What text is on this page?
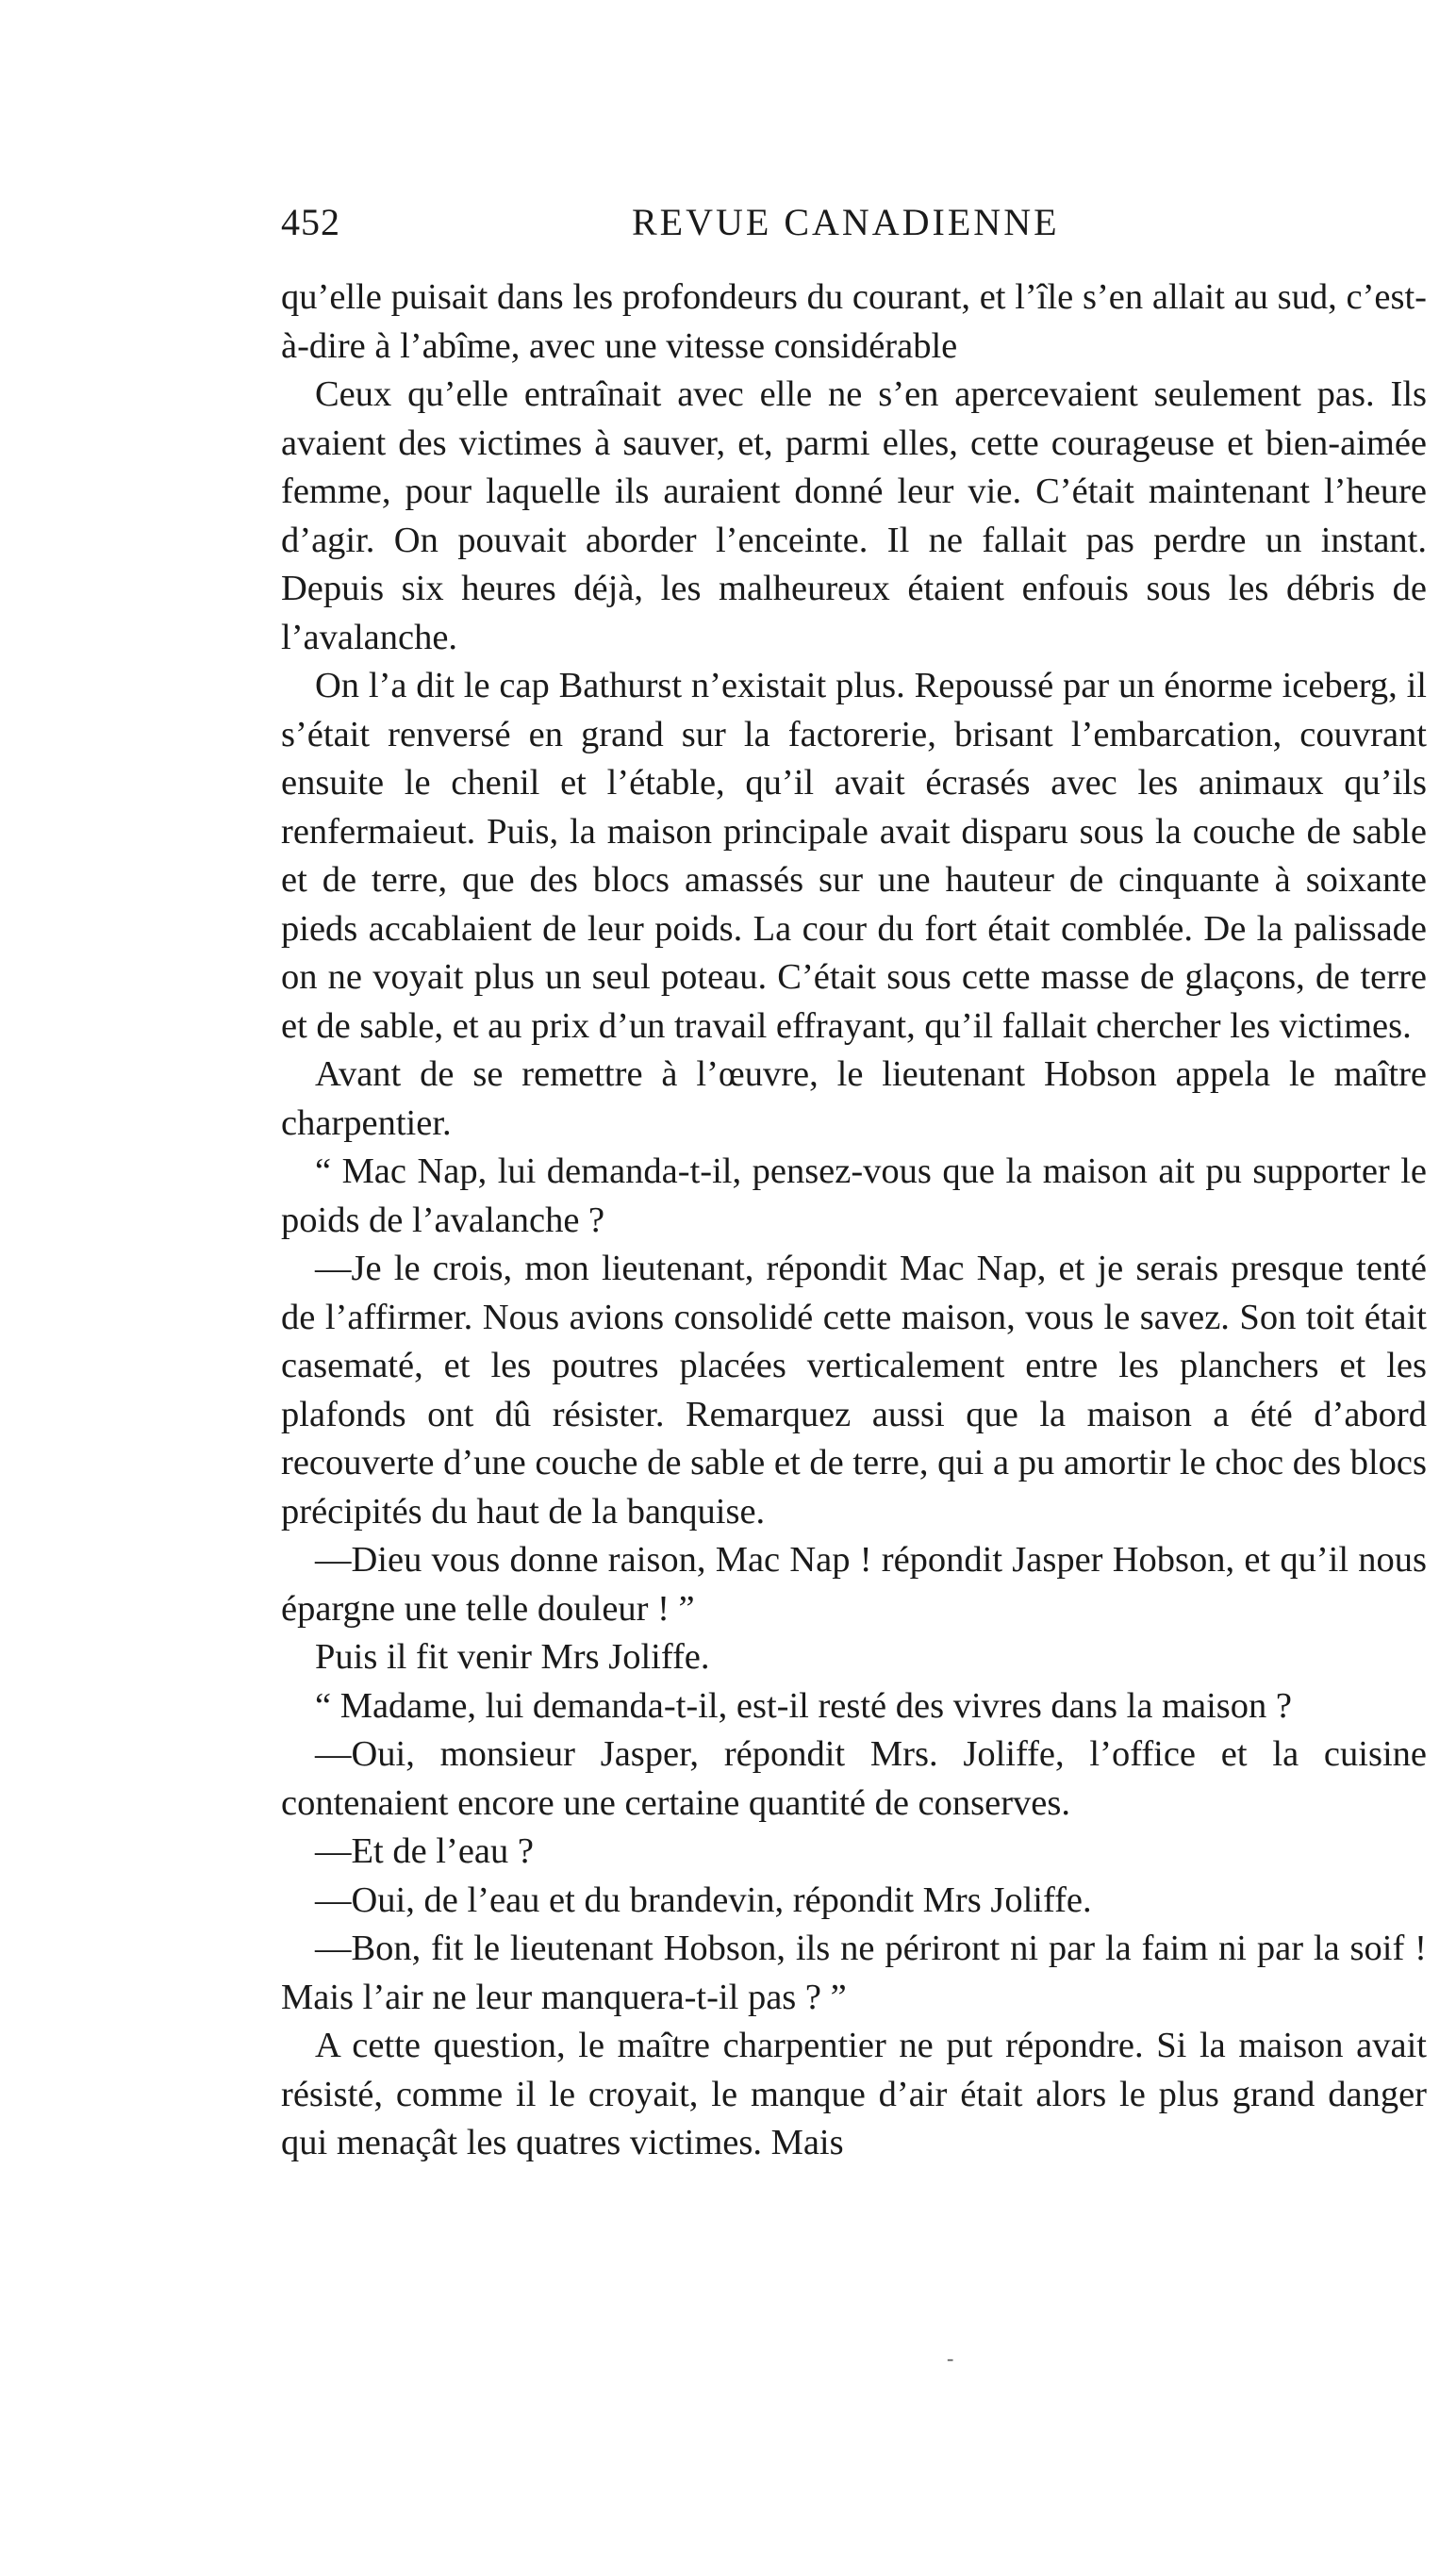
452	REVUE CANADIENNE

qu’elle puisait dans les profondeurs du courant, et l’île s’en allait au sud, c’est-à-dire à l’abîme, avec une vitesse considérable

Ceux qu’elle entraînait avec elle ne s’en apercevaient seulement pas. Ils avaient des victimes à sauver, et, parmi elles, cette courageuse et bien-aimée femme, pour laquelle ils auraient donné leur vie. C’était maintenant l’heure d’agir. On pouvait aborder l’enceinte. Il ne fallait pas perdre un instant. Depuis six heures déjà, les malheureux étaient enfouis sous les débris de l’avalanche.

On l’a dit le cap Bathurst n’existait plus. Repoussé par un énorme iceberg, il s’était renversé en grand sur la factorerie, brisant l’embarcation, couvrant ensuite le chenil et l’étable, qu’il avait écrasés avec les animaux qu’ils renfermaieut. Puis, la maison principale avait disparu sous la couche de sable et de terre, que des blocs amassés sur une hauteur de cinquante à soixante pieds accablaient de leur poids. La cour du fort était comblée. De la palissade on ne voyait plus un seul poteau. C’était sous cette masse de glaçons, de terre et de sable, et au prix d’un travail effrayant, qu’il fallait chercher les victimes.

Avant de se remettre à l’œuvre, le lieutenant Hobson appela le maître charpentier.

“ Mac Nap, lui demanda-t-il, pensez-vous que la maison ait pu supporter le poids de l’avalanche ?

—Je le crois, mon lieutenant, répondit Mac Nap, et je serais presque tenté de l’affirmer. Nous avions consolidé cette maison, vous le savez. Son toit était casematé, et les poutres placées verticalement entre les planchers et les plafonds ont dû résister. Remarquez aussi que la maison a été d’abord recouverte d’une couche de sable et de terre, qui a pu amortir le choc des blocs précipités du haut de la banquise.

—Dieu vous donne raison, Mac Nap ! répondit Jasper Hobson, et qu’il nous épargne une telle douleur ! ”

Puis il fit venir Mrs Joliffe.

“ Madame, lui demanda-t-il, est-il resté des vivres dans la maison ?

—Oui, monsieur Jasper, répondit Mrs. Joliffe, l’office et la cuisine contenaient encore une certaine quantité de conserves.

—Et de l’eau ?

—Oui, de l’eau et du brandevin, répondit Mrs Joliffe.

—Bon, fit le lieutenant Hobson, ils ne périront ni par la faim ni par la soif ! Mais l’air ne leur manquera-t-il pas ? ”

A cette question, le maître charpentier ne put répondre. Si la maison avait résisté, comme il le croyait, le manque d’air était alors le plus grand danger qui menaçât les quatres victimes. Mais

-
